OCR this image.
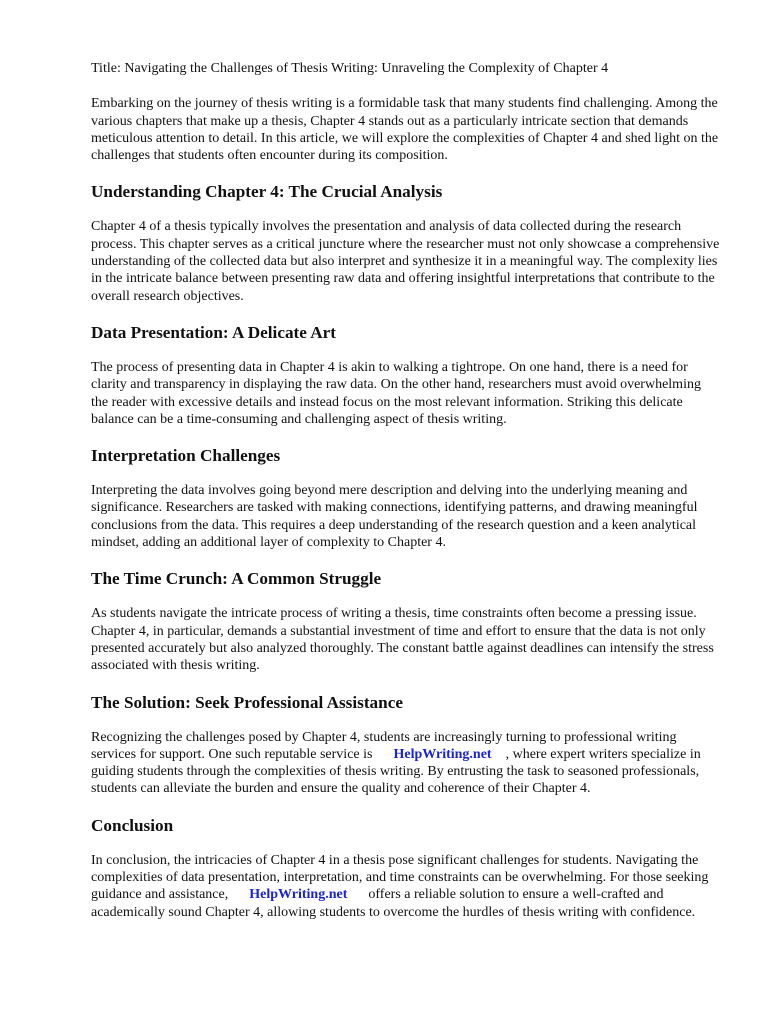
Title: Navigating the Challenges of Thesis Writing: Unraveling the Complexity of Chapter 4

Embarking on the journey of thesis writing is a formidable task that many students find challenging. Among the various chapters that make up a thesis, Chapter 4 stands out as a particularly intricate section that demands meticulous attention to detail. In this article, we will explore the complexities of Chapter 4 and shed light on the challenges that students often encounter during its composition.

Understanding Chapter 4: The Crucial Analysis

Chapter 4 of a thesis typically involves the presentation and analysis of data collected during the research process. This chapter serves as a critical juncture where the researcher must not only showcase a comprehensive understanding of the collected data but also interpret and synthesize it in a meaningful way. The complexity lies in the intricate balance between presenting raw data and offering insightful interpretations that contribute to the overall research objectives.

Data Presentation: A Delicate Art

The process of presenting data in Chapter 4 is akin to walking a tightrope. On one hand, there is a need for clarity and transparency in displaying the raw data. On the other hand, researchers must avoid overwhelming the reader with excessive details and instead focus on the most relevant information. Striking this delicate balance can be a time-consuming and challenging aspect of thesis writing.

Interpretation Challenges

Interpreting the data involves going beyond mere description and delving into the underlying meaning and significance. Researchers are tasked with making connections, identifying patterns, and drawing meaningful conclusions from the data. This requires a deep understanding of the research question and a keen analytical mindset, adding an additional layer of complexity to Chapter 4.

The Time Crunch: A Common Struggle

As students navigate the intricate process of writing a thesis, time constraints often become a pressing issue. Chapter 4, in particular, demands a substantial investment of time and effort to ensure that the data is not only presented accurately but also analyzed thoroughly. The constant battle against deadlines can intensify the stress associated with thesis writing.

The Solution: Seek Professional Assistance

Recognizing the challenges posed by Chapter 4, students are increasingly turning to professional writing services for support. One such reputable service is HelpWriting.net , where expert writers specialize in guiding students through the complexities of thesis writing. By entrusting the task to seasoned professionals, students can alleviate the burden and ensure the quality and coherence of their Chapter 4.

Conclusion

In conclusion, the intricacies of Chapter 4 in a thesis pose significant challenges for students. Navigating the complexities of data presentation, interpretation, and time constraints can be overwhelming. For those seeking guidance and assistance, HelpWriting.net offers a reliable solution to ensure a well-crafted and academically sound Chapter 4, allowing students to overcome the hurdles of thesis writing with confidence.
